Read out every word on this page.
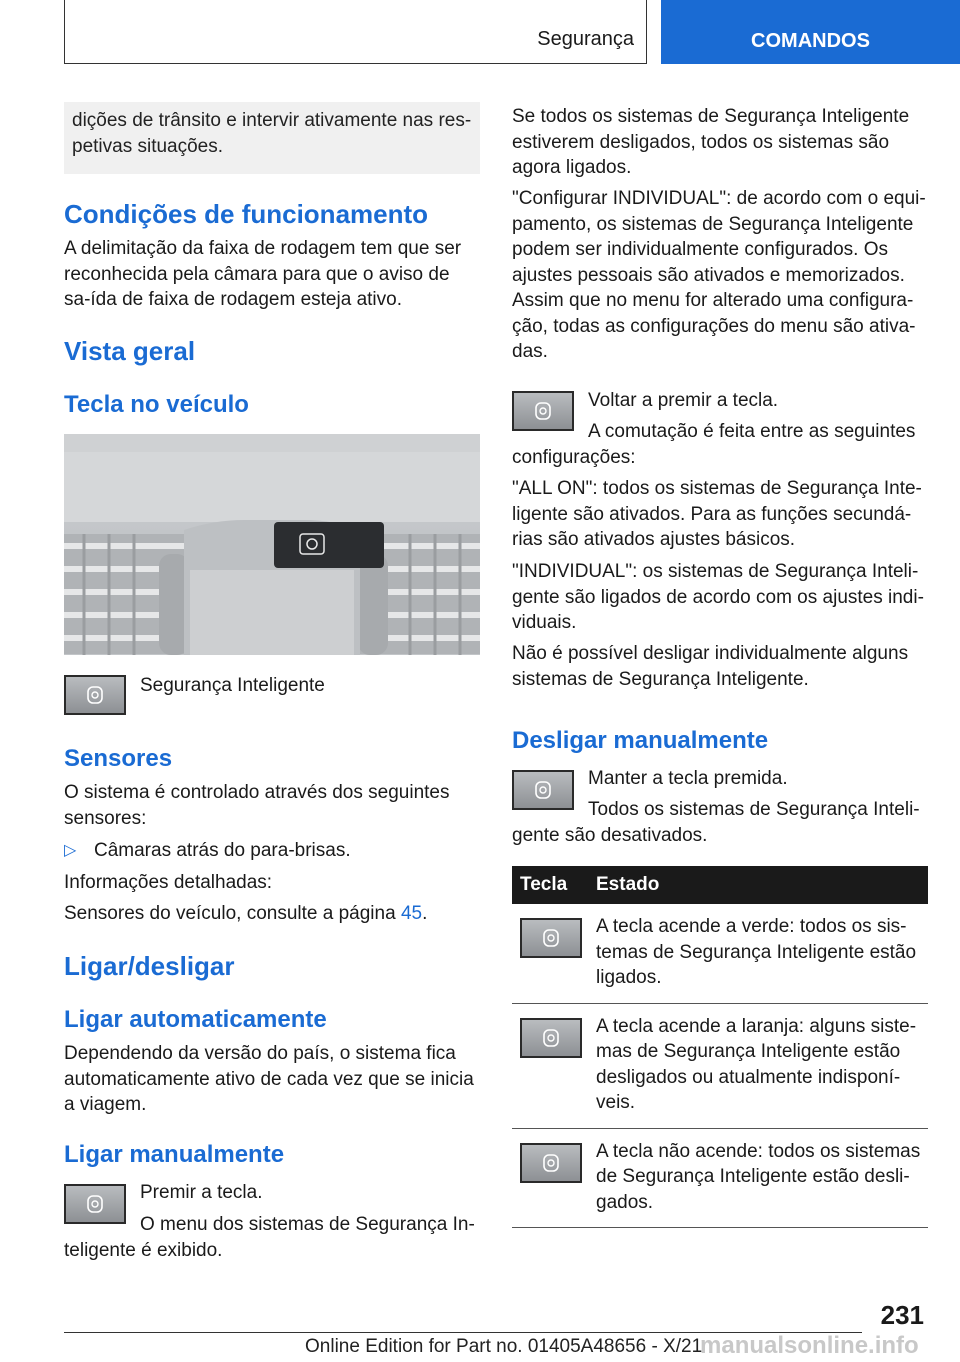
Segurança	COMANDOS

dições de trânsito e intervir ativamente nas res-petivas situações.

Condições de funcionamento

A delimitação da faixa de rodagem tem que ser reconhecida pela câmara para que o aviso de sa-ída de faixa de rodagem esteja ativo.

Vista geral
Tecla no veículo

Segurança Inteligente

Sensores

O sistema é controlado através dos seguintes sensores:

▷ Câmaras atrás do para-brisas.

Informações detalhadas:

Sensores do veículo, consulte a página 45.

Ligar/desligar
Ligar automaticamente

Dependendo da versão do país, o sistema fica automaticamente ativo de cada vez que se inicia a viagem.

Ligar manualmente

Premir a tecla.

O menu dos sistemas de Segurança In-teligente é exibido.

Se todos os sistemas de Segurança Inteligente estiverem desligados, todos os sistemas são agora ligados.

"Configurar INDIVIDUAL": de acordo com o equi-pamento, os sistemas de Segurança Inteligente podem ser individualmente configurados. Os ajustes pessoais são ativados e memorizados. Assim que no menu for alterado uma configura-ção, todas as configurações do menu são ativa-das.

Voltar a premir a tecla.

A comutação é feita entre as seguintes configurações:

"ALL ON": todos os sistemas de Segurança Inte-ligente são ativados. Para as funções secundá-rias são ativados ajustes básicos.

"INDIVIDUAL": os sistemas de Segurança Inteli-gente são ligados de acordo com os ajustes indi-viduais.

Não é possível desligar individualmente alguns sistemas de Segurança Inteligente.

Desligar manualmente

Manter a tecla premida.

Todos os sistemas de Segurança Inteli-gente são desativados.

Tecla	Estado

A tecla acende a verde: todos os sis-temas de Segurança Inteligente estão ligados.

A tecla acende a laranja: alguns siste-mas de Segurança Inteligente estão desligados ou atualmente indisponí-veis.

A tecla não acende: todos os sistemas de Segurança Inteligente estão desli-gados.

231
Online Edition for Part no. 01405A48656 - X/21
manualsonline.info
